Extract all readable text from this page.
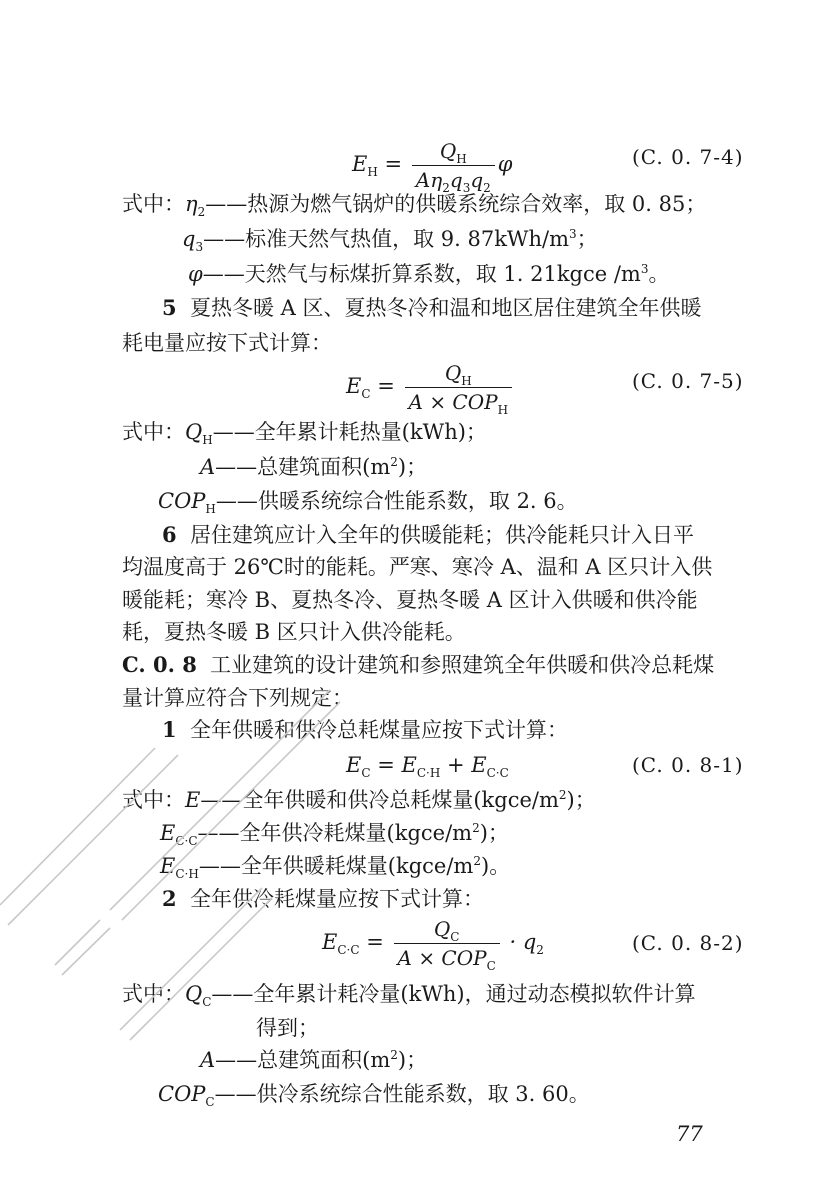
$E_H = \frac{Q_H}{A\eta_2q_3q_2}$ φ	(C. 0. 7-4)
式中：$\eta_2——$热源为燃气锅炉的供暖系统综合效率，取 0. 85；
$q_3——$标准天然气热值，取 9. $87kWh/m^3$；
φ——天然气与标煤折算系数，取 1. 21kgce $/m^3$。
5 夏热冬暖 A 区、夏热冬冷和温和地区居住建筑全年供暖
耗电量应按下式计算：
$E_C = \frac{Q_H}{A \times COP_H}$	(C. 0. 7-5)
式中：$Q_H——$全年累计耗热量(kWh)；
A——总建筑面积$(m^2)$；
$COP_H——$供暖系统综合性能系数，取 2. 6。
6 居住建筑应计入全年的供暖能耗；供冷能耗只计入日平
均温度高于 26℃时的能耗。严寒、寒冷 A、温和 A 区只计入供
暖能耗；寒冷 B、夏热冬冷、夏热冬暖 A 区计入供暖和供冷能
耗，夏热冬暖 B 区只计入供冷能耗。
C. 0. 8 工业建筑的设计建筑和参照建筑全年供暖和供冷总耗煤
量计算应符合下列规定：
1 全年供暖和供冷总耗煤量应按下式计算：
$E_C = E_{C\cdot H} + E_{C\cdot C}$	(C. 0. 8-1)
式中：E——全年供暖和供冷总耗煤量$(kgce/m^2)$；
$E_{C\cdot C}——$全年供冷耗煤量$(kgce/m^2)$；
$E_{C\cdot H}——$全年供暖耗煤量$(kgce/m^2)$。
2 全年供冷耗煤量应按下式计算：
$E_{C\cdot C} = \frac{Q_C}{A \times COP_C} \cdot q_2$	(C. 0. 8-2)
式中：$Q_C——$全年累计耗冷量(kWh)，通过动态模拟软件计算
得到；
A——总建筑面积$(m^2)$；
$COP_C——$供冷系统综合性能系数，取 3. 60。
77
